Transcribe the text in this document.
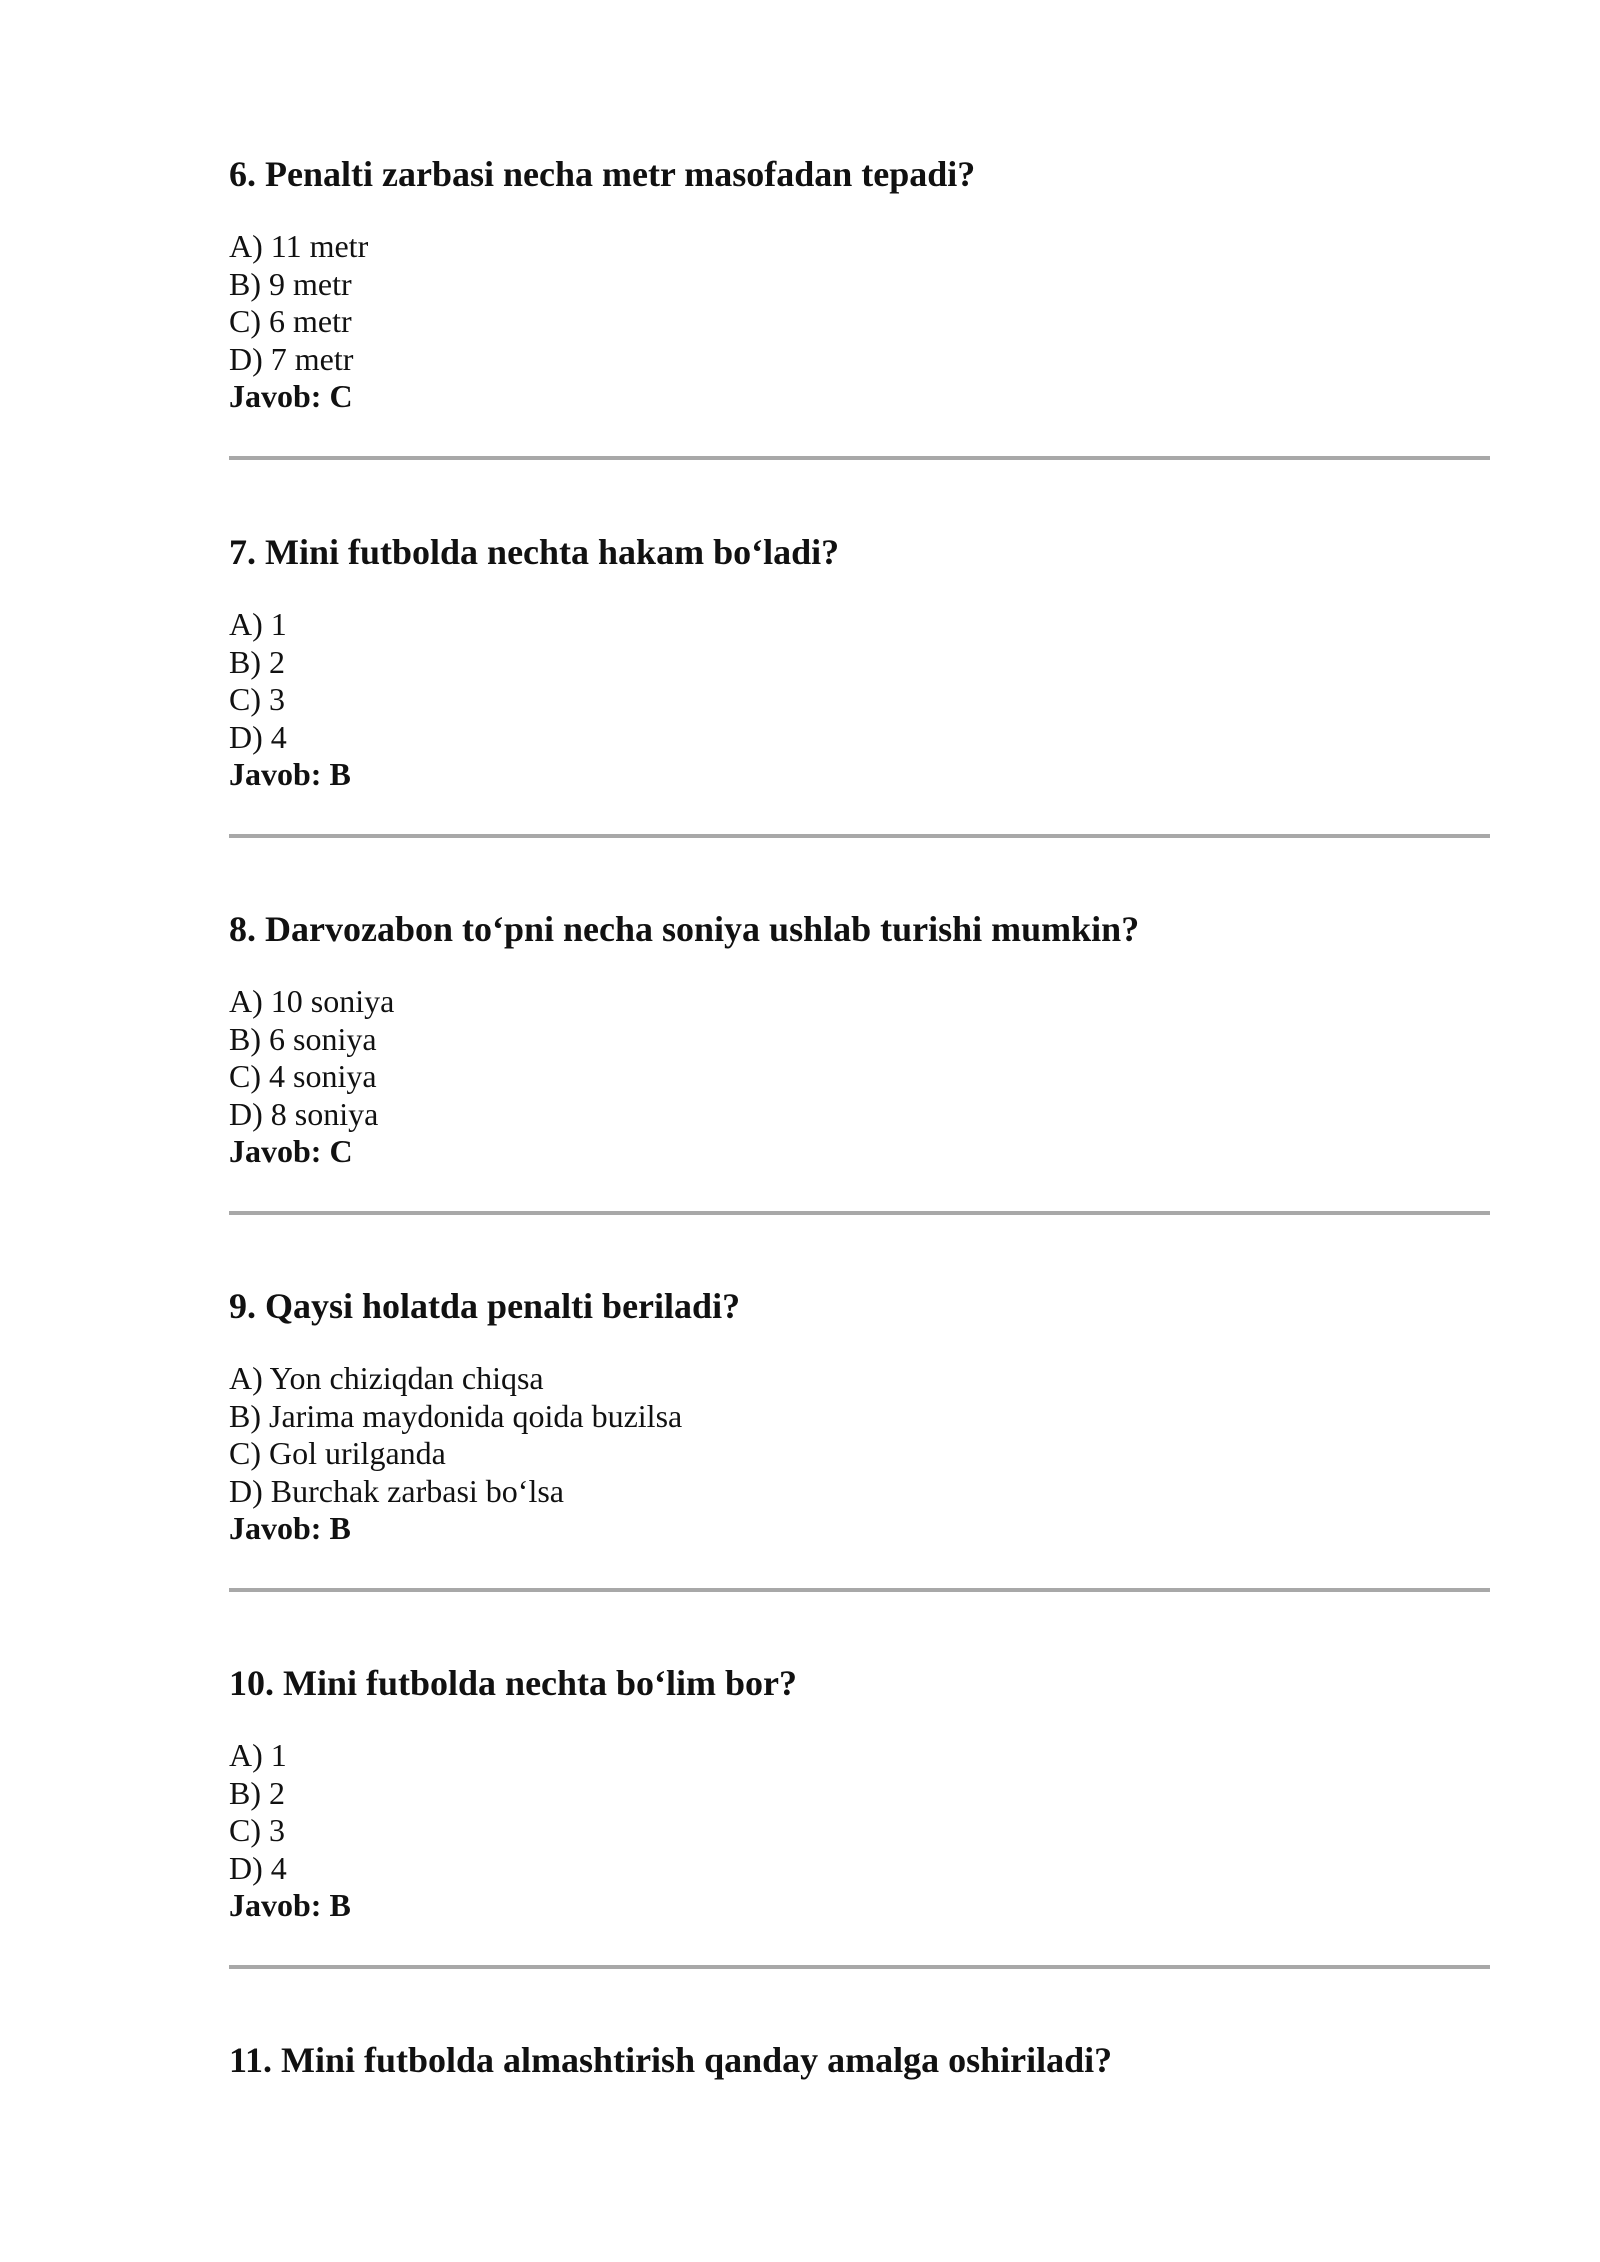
6. Penalti zarbasi necha metr masofadan tepadi?
A) 11 metr
B) 9 metr
C) 6 metr
D) 7 metr
Javob: C
7. Mini futbolda nechta hakam bo‘ladi?
A) 1
B) 2
C) 3
D) 4
Javob: B
8. Darvozabon to‘pni necha soniya ushlab turishi mumkin?
A) 10 soniya
B) 6 soniya
C) 4 soniya
D) 8 soniya
Javob: C
9. Qaysi holatda penalti beriladi?
A) Yon chiziqdan chiqsa
B) Jarima maydonida qoida buzilsa
C) Gol urilganda
D) Burchak zarbasi bo‘lsa
Javob: B
10. Mini futbolda nechta bo‘lim bor?
A) 1
B) 2
C) 3
D) 4
Javob: B
11. Mini futbolda almashtirish qanday amalga oshiriladi?
